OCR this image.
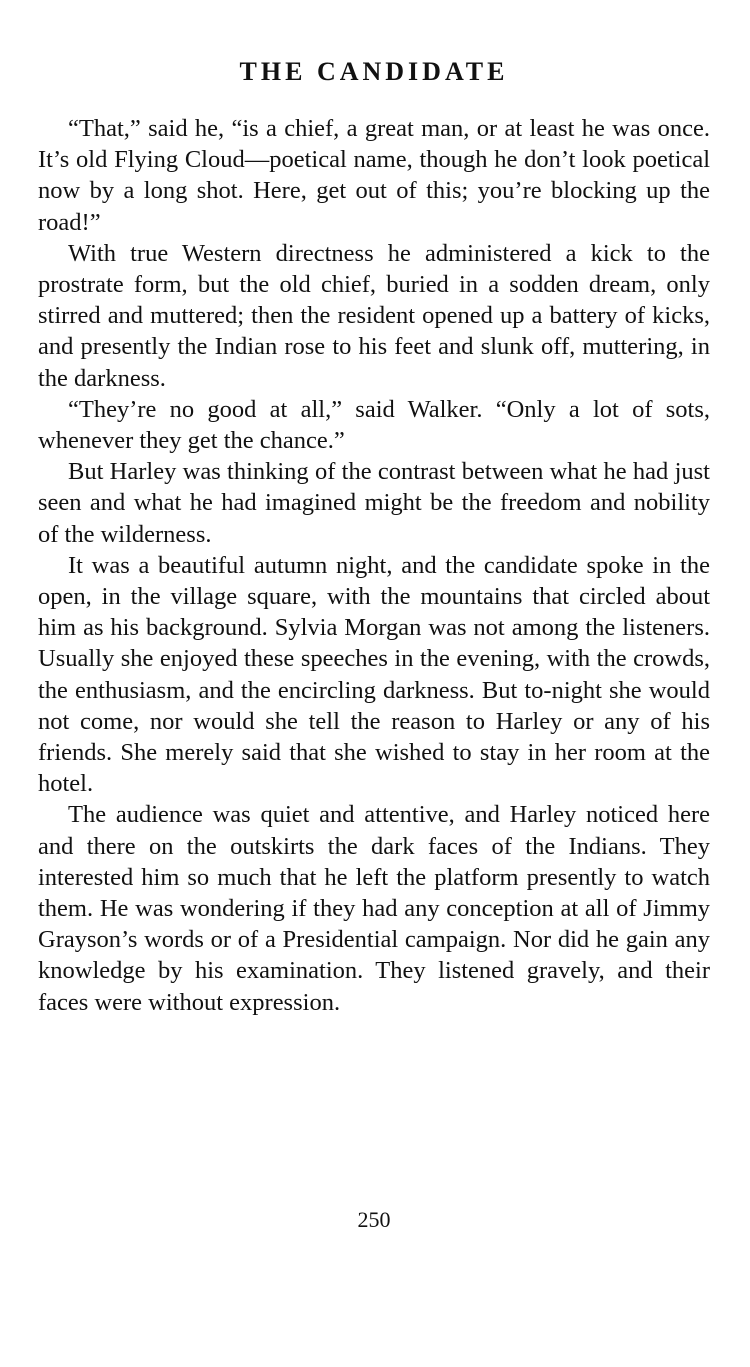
THE CANDIDATE

“That,” said he, “is a chief, a great man, or at least he was once. It’s old Flying Cloud—poetical name, though he don’t look poetical now by a long shot. Here, get out of this; you’re blocking up the road!”

With true Western directness he administered a kick to the prostrate form, but the old chief, buried in a sodden dream, only stirred and muttered; then the resident opened up a battery of kicks, and presently the Indian rose to his feet and slunk off, muttering, in the darkness.

“They’re no good at all,” said Walker. “Only a lot of sots, whenever they get the chance.”

But Harley was thinking of the contrast between what he had just seen and what he had imagined might be the freedom and nobility of the wilderness.

It was a beautiful autumn night, and the candidate spoke in the open, in the village square, with the mountains that circled about him as his background. Sylvia Morgan was not among the listeners. Usually she enjoyed these speeches in the evening, with the crowds, the enthusiasm, and the encircling darkness. But to-night she would not come, nor would she tell the reason to Harley or any of his friends. She merely said that she wished to stay in her room at the hotel.

The audience was quiet and attentive, and Harley noticed here and there on the outskirts the dark faces of the Indians. They interested him so much that he left the platform presently to watch them. He was wondering if they had any conception at all of Jimmy Grayson’s words or of a Presidential campaign. Nor did he gain any knowledge by his examination. They listened gravely, and their faces were without expression.

250
